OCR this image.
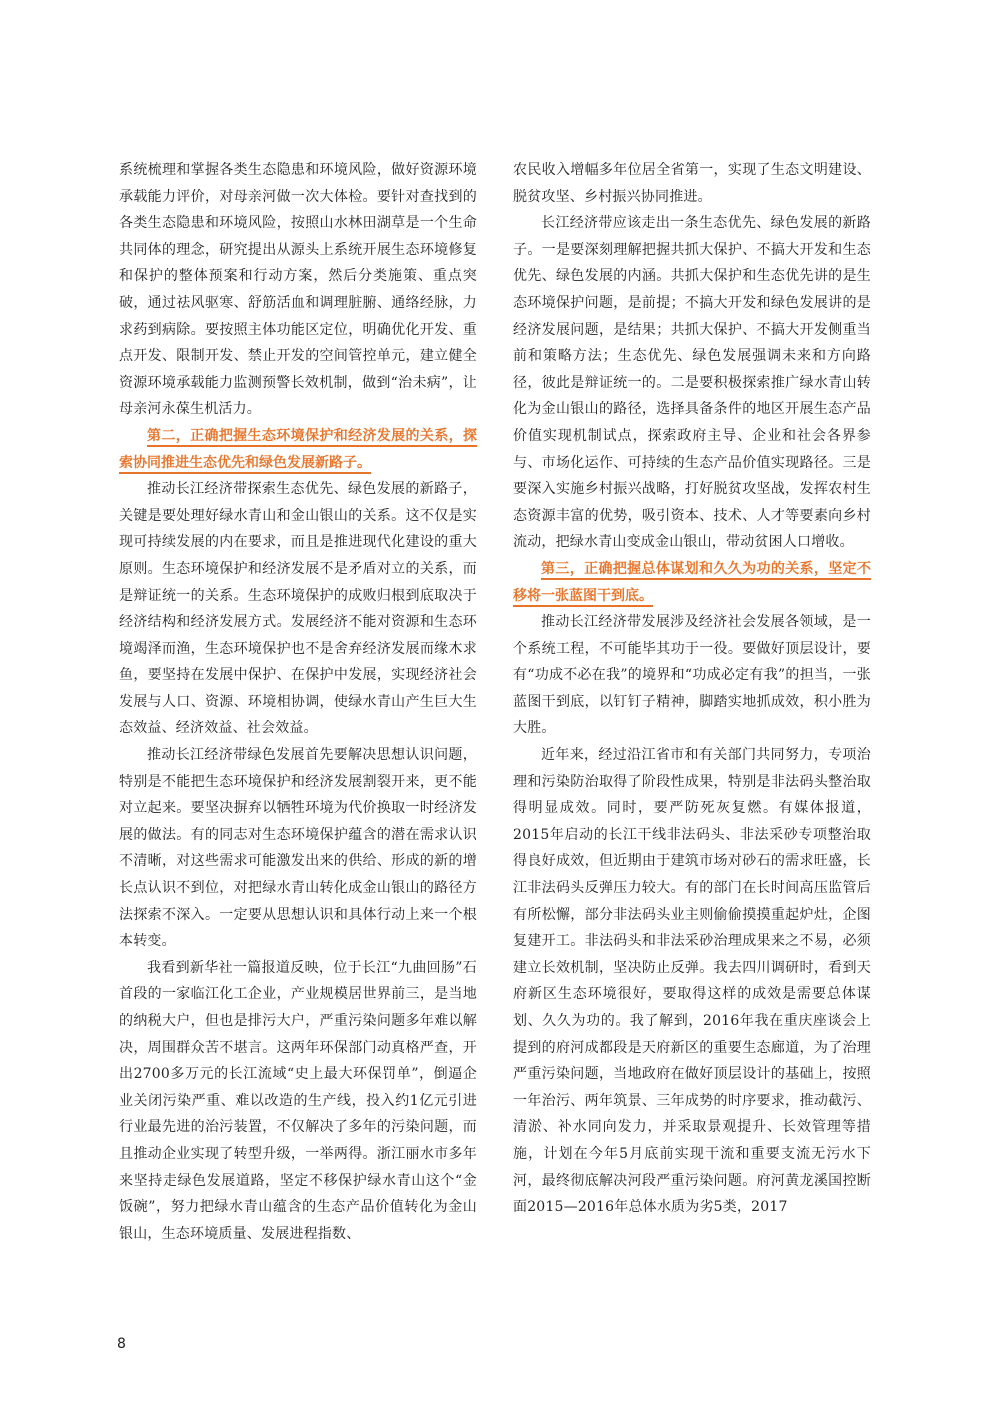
系统梳理和掌握各类生态隐患和环境风险，做好资源环境承载能力评价，对母亲河做一次大体检。要针对查找到的各类生态隐患和环境风险，按照山水林田湖草是一个生命共同体的理念，研究提出从源头上系统开展生态环境修复和保护的整体预案和行动方案，然后分类施策、重点突破，通过祛风驱寒、舒筋活血和调理脏腑、通络经脉，力求药到病除。要按照主体功能区定位，明确优化开发、重点开发、限制开发、禁止开发的空间管控单元，建立健全资源环境承载能力监测预警长效机制，做到“治未病”，让母亲河永葆生机活力。

第二，正确把握生态环境保护和经济发展的关系，探索协同推进生态优先和绿色发展新路子。

推动长江经济带探索生态优先、绿色发展的新路子，关键是要处理好绿水青山和金山银山的关系。这不仅是实现可持续发展的内在要求，而且是推进现代化建设的重大原则。生态环境保护和经济发展不是矛盾对立的关系，而是辩证统一的关系。生态环境保护的成败归根到底取决于经济结构和经济发展方式。发展经济不能对资源和生态环境竭泽而渔，生态环境保护也不是舍弃经济发展而缘木求鱼，要坚持在发展中保护、在保护中发展，实现经济社会发展与人口、资源、环境相协调，使绿水青山产生巨大生态效益、经济效益、社会效益。

推动长江经济带绿色发展首先要解决思想认识问题，特别是不能把生态环境保护和经济发展割裂开来，更不能对立起来。要坚决摒弃以牺牲环境为代价换取一时经济发展的做法。有的同志对生态环境保护蕴含的潜在需求认识不清晰，对这些需求可能激发出来的供给、形成的新的增长点认识不到位，对把绿水青山转化成金山银山的路径方法探索不深入。一定要从思想认识和具体行动上来一个根本转变。

我看到新华社一篇报道反映，位于长江“九曲回肠”石首段的一家临江化工企业，产业规模居世界前三，是当地的纳税大户，但也是排污大户，严重污染问题多年难以解决，周围群众苦不堪言。这两年环保部门动真格严查，开出2700多万元的长江流域“史上最大环保罚单”，倒逼企业关闭污染严重、难以改造的生产线，投入约1亿元引进行业最先进的治污装置，不仅解决了多年的污染问题，而且推动企业实现了转型升级，一举两得。浙江丽水市多年来坚持走绿色发展道路，坚定不移保护绿水青山这个“金饭碗”，努力把绿水青山蕴含的生态产品价值转化为金山银山，生态环境质量、发展进程指数、

农民收入增幅多年位居全省第一，实现了生态文明建设、脱贫攻坚、乡村振兴协同推进。

长江经济带应该走出一条生态优先、绿色发展的新路子。一是要深刻理解把握共抓大保护、不搞大开发和生态优先、绿色发展的内涵。共抓大保护和生态优先讲的是生态环境保护问题，是前提；不搞大开发和绿色发展讲的是经济发展问题，是结果；共抓大保护、不搞大开发侧重当前和策略方法；生态优先、绿色发展强调未来和方向路径，彼此是辩证统一的。二是要积极探索推广绿水青山转化为金山银山的路径，选择具备条件的地区开展生态产品价值实现机制试点，探索政府主导、企业和社会各界参与、市场化运作、可持续的生态产品价值实现路径。三是要深入实施乡村振兴战略，打好脱贫攻坚战，发挥农村生态资源丰富的优势，吸引资本、技术、人才等要素向乡村流动，把绿水青山变成金山银山，带动贫困人口增收。

第三，正确把握总体谋划和久久为功的关系，坚定不移将一张蓝图干到底。

推动长江经济带发展涉及经济社会发展各领域，是一个系统工程，不可能毕其功于一役。要做好顶层设计，要有“功成不必在我”的境界和“功成必定有我”的担当，一张蓝图干到底，以钉钉子精神，脚踏实地抓成效，积小胜为大胜。

近年来，经过沿江省市和有关部门共同努力，专项治理和污染防治取得了阶段性成果，特别是非法码头整治取得明显成效。同时，要严防死灰复燃。有媒体报道，2015年启动的长江干线非法码头、非法采砂专项整治取得良好成效，但近期由于建筑市场对砂石的需求旺盛，长江非法码头反弹压力较大。有的部门在长时间高压监管后有所松懈，部分非法码头业主则偷偷摸摸重起炉灶，企图复建开工。非法码头和非法采砂治理成果来之不易，必须建立长效机制，坚决防止反弹。我去四川调研时，看到天府新区生态环境很好，要取得这样的成效是需要总体谋划、久久为功的。我了解到，2016年我在重庆座谈会上提到的府河成都段是天府新区的重要生态廊道，为了治理严重污染问题，当地政府在做好顶层设计的基础上，按照一年治污、两年筑景、三年成势的时序要求，推动截污、清淤、补水同向发力，并采取景观提升、长效管理等措施，计划在今年5月底前实现干流和重要支流无污水下河，最终彻底解决河段严重污染问题。府河黄龙溪国控断面2015—2016年总体水质为劣5类，2017

8
